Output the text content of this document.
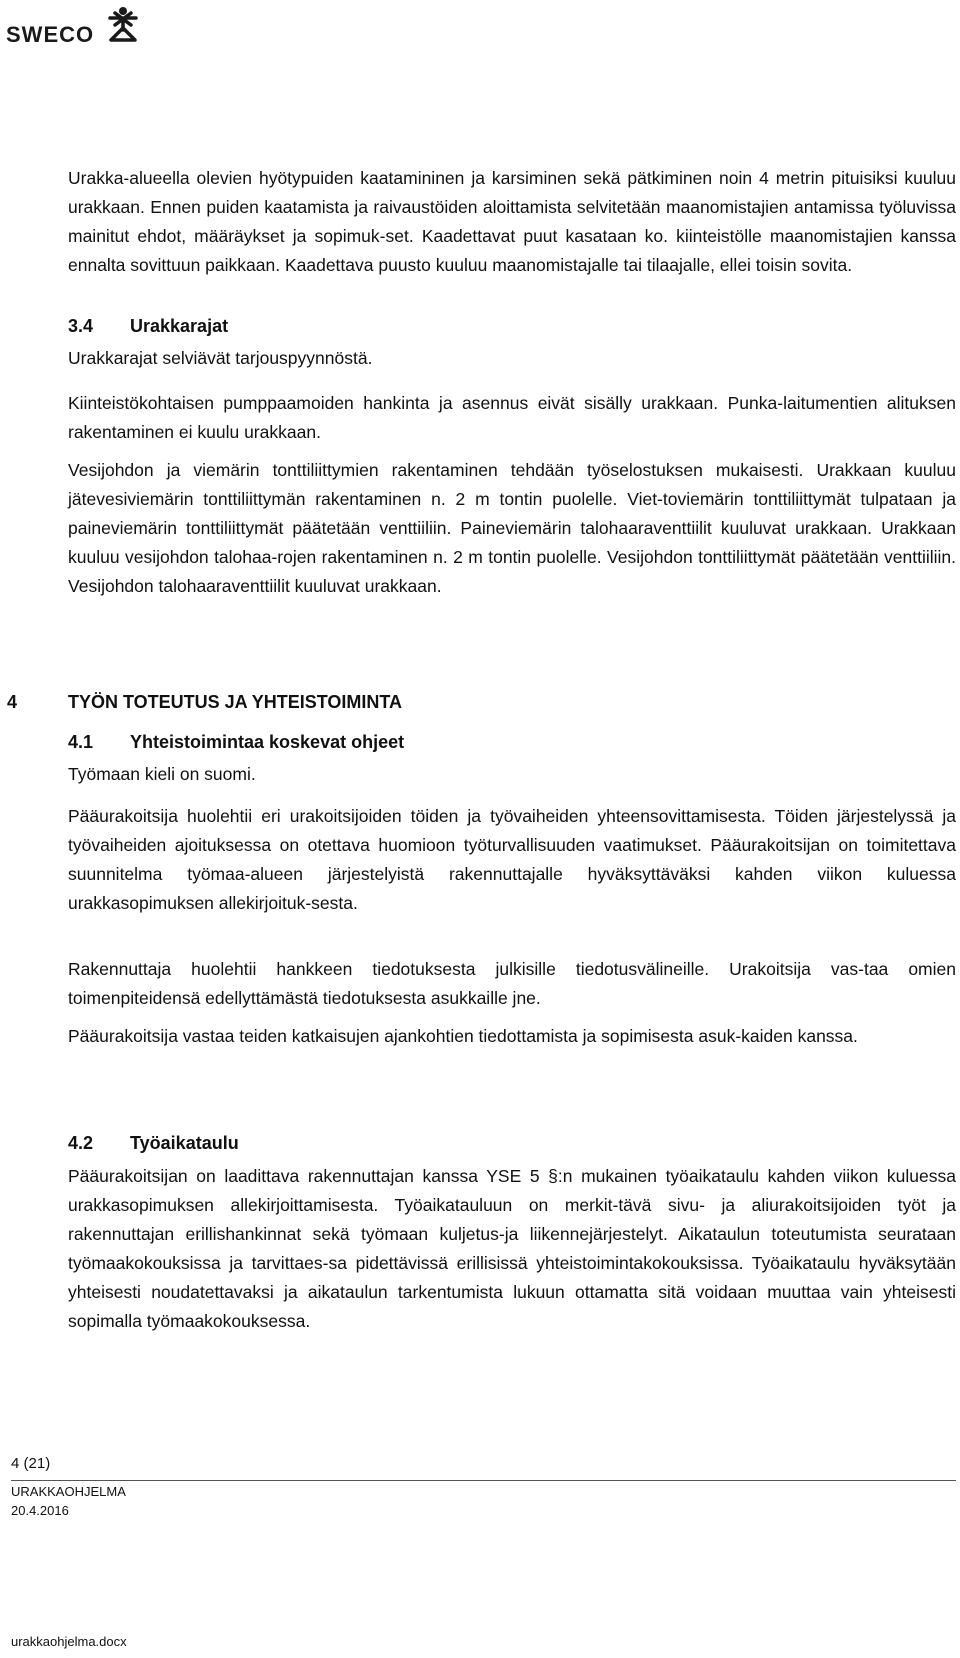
SWECO

Urakka-alueella olevien hyötypuiden kaatamininen ja karsiminen sekä pätkiminen noin 4 metrin pituisiksi kuuluu urakkaan. Ennen puiden kaatamista ja raivaustöiden aloittamista selvitetään maanomistajien antamissa työluvissa mainitut ehdot, määräykset ja sopimuk-set. Kaadettavat puut kasataan ko. kiinteistölle maanomistajien kanssa ennalta sovittuun paikkaan. Kaadettava puusto kuuluu maanomistajalle tai tilaajalle, ellei toisin sovita.

3.4 Urakkarajat

Urakkarajat selviävät tarjouspyynnöstä.

Kiinteistökohtaisen pumppaamoiden hankinta ja asennus eivät sisälly urakkaan. Punka-laitumentien alituksen rakentaminen ei kuulu urakkaan.

Vesijohdon ja viemärin tonttiliittymien rakentaminen tehdään työselostuksen mukaisesti. Urakkaan kuuluu jätevesiviemärin tonttiliittymän rakentaminen n. 2 m tontin puolelle. Viet-toviemärin tonttiliittymät tulpataan ja paineviemärin tonttiliittymät päätetään venttiiliin. Paineviemärin talohaaraventtiilit kuuluvat urakkaan. Urakkaan kuuluu vesijohdon talohaa-rojen rakentaminen n. 2 m tontin puolelle. Vesijohdon tonttiliittymät päätetään venttiiliin. Vesijohdon talohaaraventtiilit kuuluvat urakkaan.

4	TYÖN TOTEUTUS JA YHTEISTOIMINTA
4.1 Yhteistoimintaa koskevat ohjeet

Työmaan kieli on suomi.

Pääurakoitsija huolehtii eri urakoitsijoiden töiden ja työvaiheiden yhteensovittamisesta. Töiden järjestelyssä ja työvaiheiden ajoituksessa on otettava huomioon työturvallisuuden vaatimukset. Pääurakoitsijan on toimitettava suunnitelma työmaa-alueen järjestelyistä rakennuttajalle hyväksyttäväksi kahden viikon kuluessa urakkasopimuksen allekirjoituk-sesta.

Rakennuttaja huolehtii hankkeen tiedotuksesta julkisille tiedotusvälineille. Urakoitsija vas-taa omien toimenpiteidensä edellyttämästä tiedotuksesta asukkaille jne.

Pääurakoitsija vastaa teiden katkaisujen ajankohtien tiedottamista ja sopimisesta asuk-kaiden kanssa.

4.2 Työaikataulu

Pääurakoitsijan on laadittava rakennuttajan kanssa YSE 5 §:n mukainen työaikataulu kahden viikon kuluessa urakkasopimuksen allekirjoittamisesta. Työaikatauluun on merkit-tävä sivu- ja aliurakoitsijoiden työt ja rakennuttajan erillishankinnat sekä työmaan kuljetus-ja liikennejärjestelyt. Aikataulun toteutumista seurataan työmaakokouksissa ja tarvittaes-sa pidettävissä erillisissä yhteistoimintakokouksissa. Työaikataulu hyväksytään yhteisesti noudatettavaksi ja aikataulun tarkentumista lukuun ottamatta sitä voidaan muuttaa vain yhteisesti sopimalla työmaakokouksessa.

4 (21)
URAKKAOHJELMA
20.4.2016
urakkaohjelma.docx
